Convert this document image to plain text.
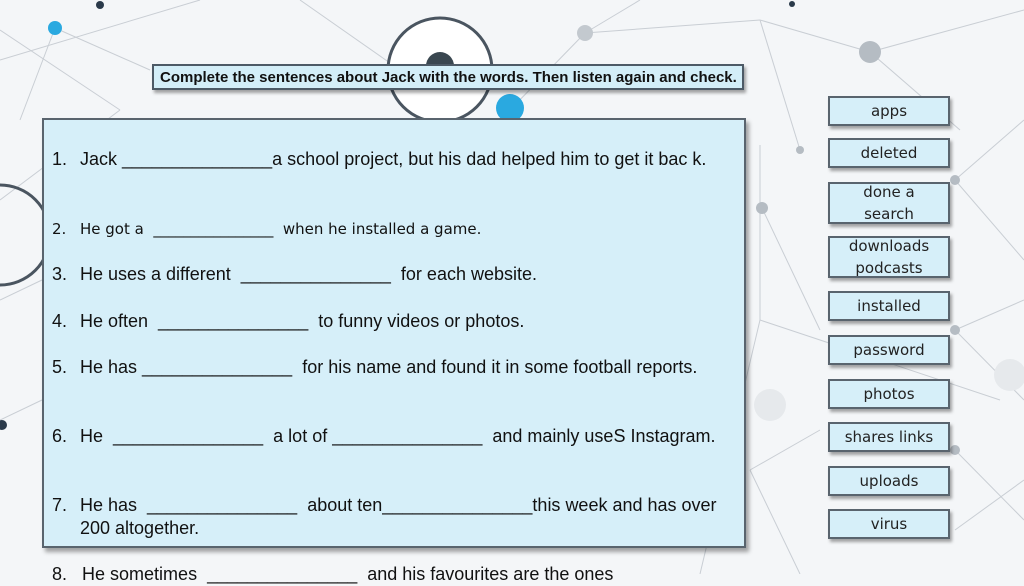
Complete the sentences about Jack with the words. Then listen again and check.
1. Jack _______________a school project, but his dad helped him to get it bac k.
2. He got a  ________________  when he installed a game.
3. He uses a different  _______________  for each website.
4. He often  _______________  to funny videos or photos.
5. He has _______________  for his name and found it in some football reports.
6. He  _______________  a lot of _______________  and mainly useS Instagram.
7. He has  _______________  about ten_______________this week and has over 200 altogether.
8. He sometimes  _______________  and his favourites are the ones
apps
deleted
done a search
downloads podcasts
installed
password
photos
shares links
uploads
virus
